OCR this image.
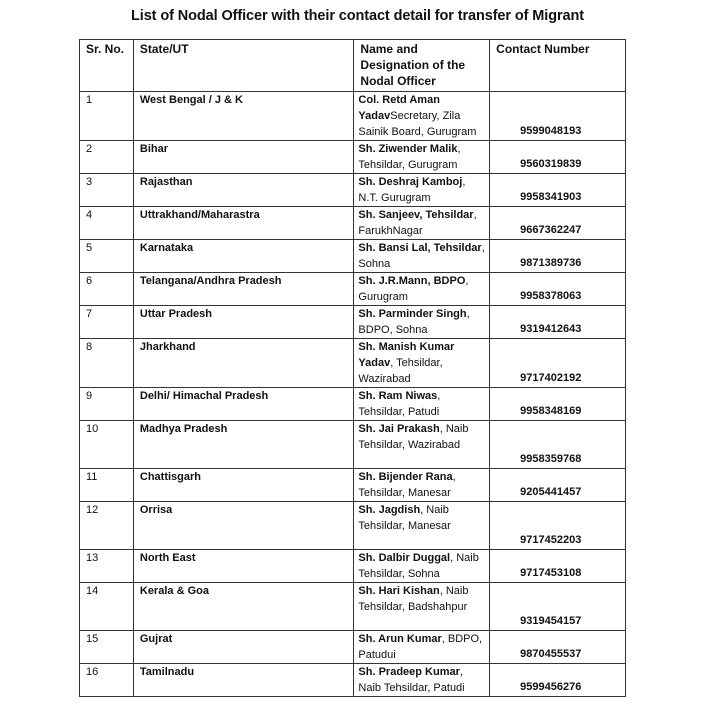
List of Nodal Officer with their contact detail for transfer of Migrant
Sr. No.	State/UT	Name and Designation of the Nodal Officer	Contact Number
1	West Bengal / J & K	Col. Retd Aman YadavSecretary, Zila Sainik Board, Gurugram	9599048193
2	Bihar	Sh. Ziwender Malik, Tehsildar, Gurugram	9560319839
3	Rajasthan	Sh. Deshraj Kamboj, N.T. Gurugram	9958341903
4	Uttrakhand/Maharastra	Sh. Sanjeev, Tehsildar, FarukhNagar	9667362247
5	Karnataka	Sh. Bansi Lal, Tehsildar, Sohna	9871389736
6	Telangana/Andhra Pradesh	Sh. J.R.Mann, BDPO, Gurugram	9958378063
7	Uttar Pradesh	Sh. Parminder Singh, BDPO, Sohna	9319412643
8	Jharkhand	Sh. Manish Kumar Yadav, Tehsildar, Wazirabad	9717402192
9	Delhi/ Himachal Pradesh	Sh. Ram Niwas, Tehsildar, Patudi	9958348169
10	Madhya Pradesh	Sh. Jai Prakash, Naib Tehsildar, Wazirabad	9958359768
11	Chattisgarh	Sh. Bijender Rana, Tehsildar, Manesar	9205441457
12	Orrisa	Sh. Jagdish, Naib Tehsildar, Manesar	9717452203
13	North East	Sh. Dalbir Duggal, Naib Tehsildar, Sohna	9717453108
14	Kerala & Goa	Sh. Hari Kishan, Naib Tehsildar, Badshahpur	9319454157
15	Gujrat	Sh. Arun Kumar, BDPO, Patudui	9870455537
16	Tamilnadu	Sh. Pradeep Kumar, Naib Tehsildar, Patudi	9599456276
